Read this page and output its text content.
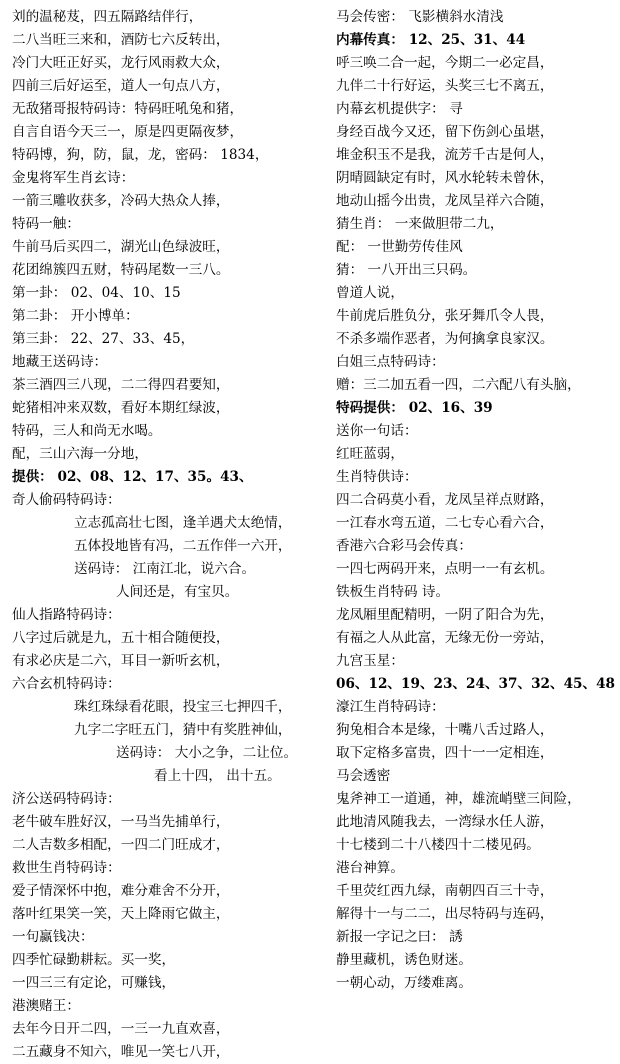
刘的温秘芨，四五隔路结伴行，
二八当旺三来和，酒防七六反转出，
冷门大旺正好买，龙行风雨救大众，
四前三后好运至，道人一句点八方，
无敌猪哥报特码诗：特码旺吼兔和猪，
自言自语今天三一，原是四更隔夜梦，
特码博，狗，防，鼠，龙，密码： 1834，
金鬼将军生肖玄诗：
一箭三雕收获多，冷码大热众人捧，
特码一触：
牛前马后买四二，湖光山色绿波旺，
花团绵簇四五财，特码尾数一三八。
第一卦： 02、04、10、15
第二卦： 开小博单：
第三卦： 22、27、33、45，
地藏王送码诗：
茶三酒四三八现，二二得四君要知，
蛇猪相冲来双数，看好本期红绿波，
特码，三人和尚无水喝。
配，三山六海一分地，
提供： 02、08、12、17、35。43、
奇人偷码特码诗：
立志孤高壮七图，逢羊遇犬太绝情，
五体投地皆有冯，二五作伴一六开，
送码诗： 江南江北，说六合。
人间还是，有宝贝。
仙人指路特码诗：
八字过后就是九，五十相合随便投，
有求必庆是二六，耳目一新听玄机，
六合玄机特码诗：
珠红珠绿看花眼，投宝三七押四千，
九字二字旺五门，猜中有奖胜神仙，
送码诗： 大小之争，二让位。
看上十四， 出十五。
济公送码特码诗：
老牛破车胜好汉，一马当先捕单行，
二人吉数多相配，一四二门旺成才，
救世生肖特码诗：
爱子情深怀中抱，难分难舍不分开，
落叶红果笑一笑，天上降雨它做主，
一句赢钱决：
四季忙碌勤耕耘。买一奖，
一四三三有定论，可赚钱，
港澳赌王：
去年今日开二四，一三一九直欢喜，
二五藏身不知六，唯见一笑七八开，
马会传密： 飞影横斜水清浅
内幕传真： 12、25、31、44
呼三唤二合一起，今期二一必定昌，
九伴二十行好运，头奖三七不离五，
内幕玄机提供字： 寻
身经百战今又还，留下伤剑心虽堪，
堆金积玉不是我，流芳千古是何人，
阴晴圆缺定有时，风水轮转未曾休，
地动山摇今出贵，龙凤呈祥六合随，
猜生肖： 一来做胆带二九，
配： 一世勤劳传佳风
猜： 一八开出三只码。
曾道人说，
牛前虎后胜负分，张牙舞爪令人畏，
不杀多端作恶者，为何擒拿良家汉。
白姐三点特码诗：
赠：三二加五看一四，二六配八有头脑，
特码提供： 02、16、39
送你一句话：
红旺蓝弱，
生肖特供诗：
四二合码莫小看，龙凤呈祥点财路，
一江春水弯五道，二七专心看六合，
香港六合彩马会传真：
一四七两码开来，点明一一有玄机。
铁板生肖特码 诗。
龙凤厢里配精明，一阴了阳合为先，
有福之人从此富，无缘无份一旁站，
九宫玉星：
06、12、19、23、24、37、32、45、48
濠江生肖特码诗：
狗兔相合本是缘，十嘴八舌过路人，
取下定格多富贵，四十一一定相连，
马会透密
鬼斧神工一道通，神，雄流峭壁三间险，
此地清风随我去，一湾绿水任人游，
十七楼到二十八楼四十二楼见码。
港台神算。
千里荧红西九绿，南朝四百三十寺，
解得十一与二二，出尽特码与连码，
新报一字记之曰： 誘
静里藏机，诱色财迷。
一朝心动，万缕难离。
